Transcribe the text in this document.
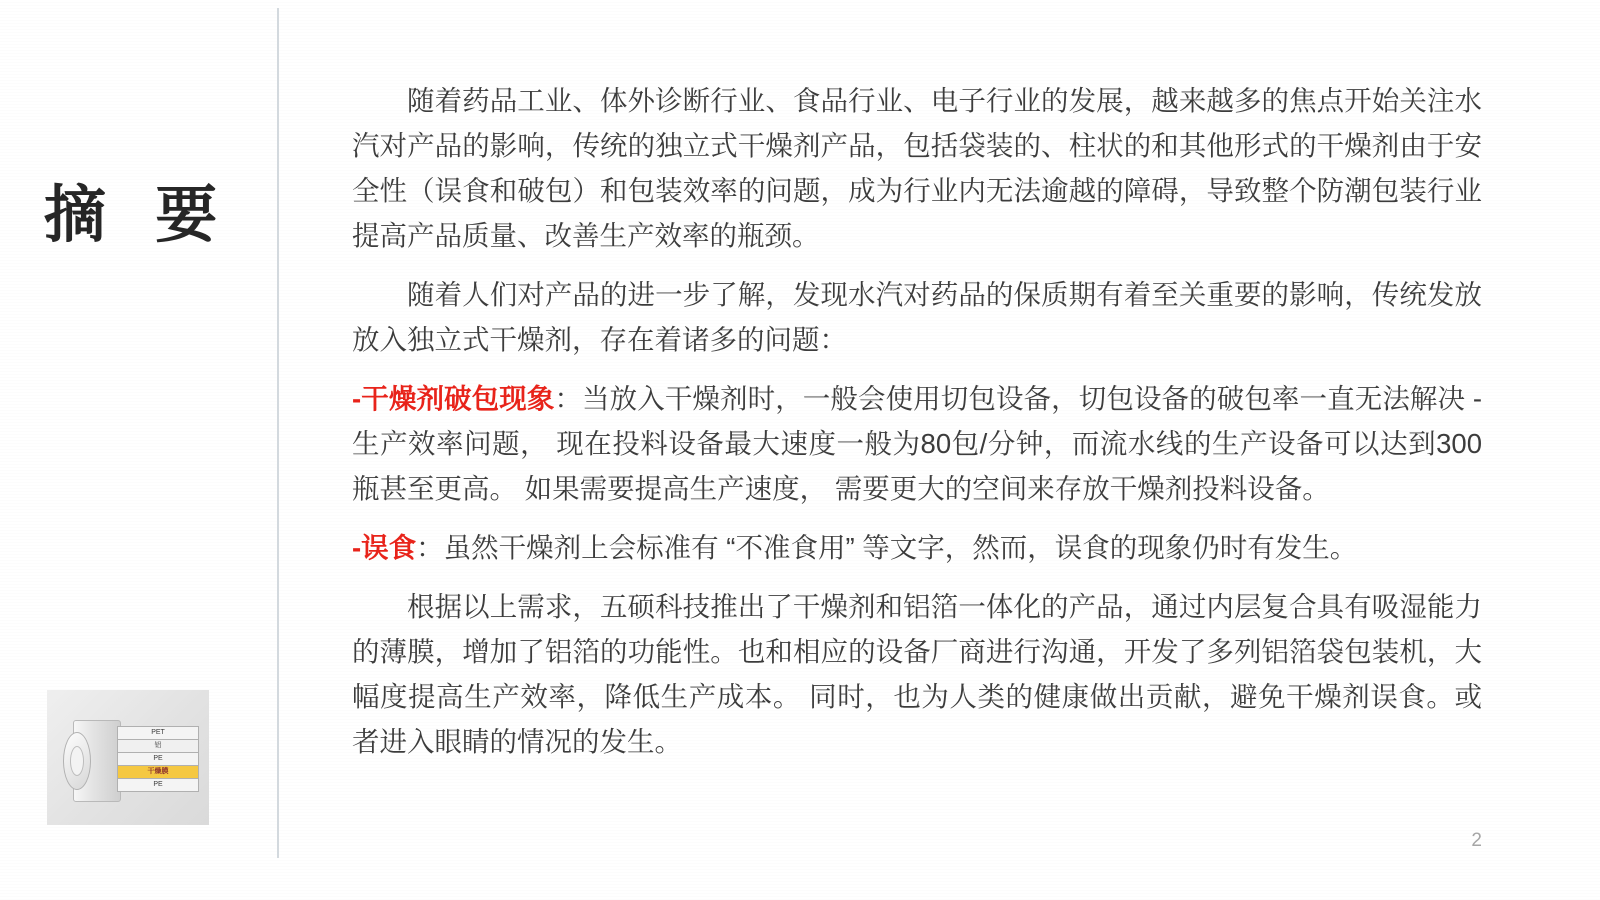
摘 要
PET
铝
PE
干燥膜
PE

随着药品工业、体外诊断行业、食品行业、电子行业的发展，越来越多的焦点开始关注水汽对产品的影响，传统的独立式干燥剂产品，包括袋装的、柱状的和其他形式的干燥剂由于安全性（误食和破包）和包装效率的问题，成为行业内无法逾越的障碍，导致整个防潮包装行业提高产品质量、改善生产效率的瓶颈。

随着人们对产品的进一步了解，发现水汽对药品的保质期有着至关重要的影响，传统发放放入独立式干燥剂，存在着诸多的问题：

-干燥剂破包现象：当放入干燥剂时，一般会使用切包设备，切包设备的破包率一直无法解决 -生产效率问题， 现在投料设备最大速度一般为80包/分钟，而流水线的生产设备可以达到300瓶甚至更高。 如果需要提高生产速度， 需要更大的空间来存放干燥剂投料设备。

-误食：虽然干燥剂上会标准有 “不准食用” 等文字，然而，误食的现象仍时有发生。

根据以上需求，五硕科技推出了干燥剂和铝箔一体化的产品，通过内层复合具有吸湿能力的薄膜，增加了铝箔的功能性。也和相应的设备厂商进行沟通，开发了多列铝箔袋包装机，大幅度提高生产效率，降低生产成本。 同时，也为人类的健康做出贡献，避免干燥剂误食。或者进入眼睛的情况的发生。

2
